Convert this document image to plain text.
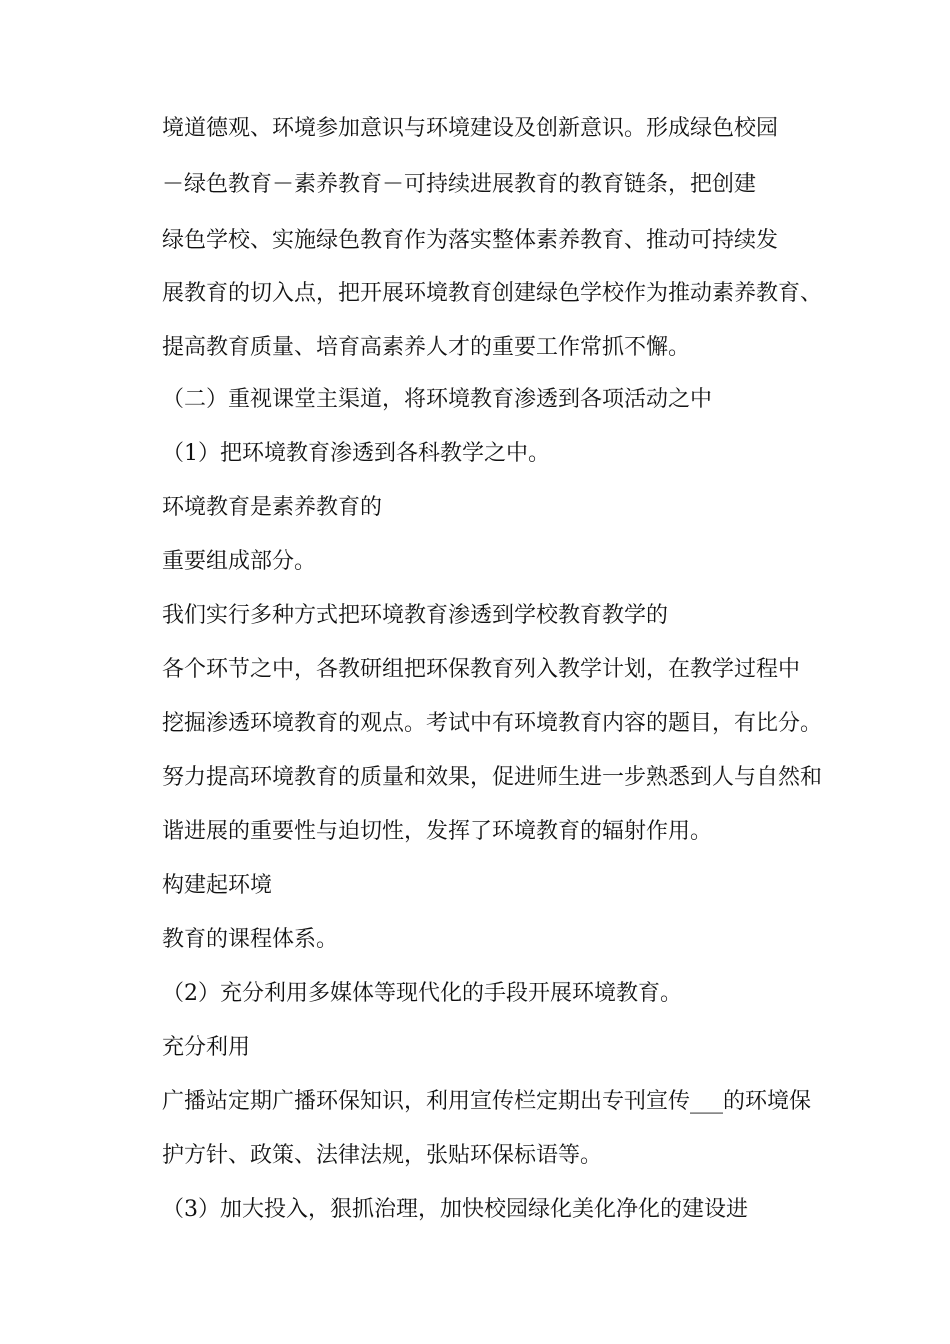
境道德观、环境参加意识与环境建设及创新意识。形成绿色校园
－绿色教育－素养教育－可持续进展教育的教育链条，把创建
绿色学校、实施绿色教育作为落实整体素养教育、推动可持续发
展教育的切入点，把开展环境教育创建绿色学校作为推动素养教育、
提高教育质量、培育高素养人才的重要工作常抓不懈。
（二）重视课堂主渠道，将环境教育渗透到各项活动之中
（1）把环境教育渗透到各科教学之中。
环境教育是素养教育的
重要组成部分。
我们实行多种方式把环境教育渗透到学校教育教学的
各个环节之中，各教研组把环保教育列入教学计划，在教学过程中
挖掘渗透环境教育的观点。考试中有环境教育内容的题目，有比分。
努力提高环境教育的质量和效果，促进师生进一步熟悉到人与自然和
谐进展的重要性与迫切性，发挥了环境教育的辐射作用。
构建起环境
教育的课程体系。
（2）充分利用多媒体等现代化的手段开展环境教育。
充分利用
广播站定期广播环保知识，利用宣传栏定期出专刊宣传___的环境保
护方针、政策、法律法规，张贴环保标语等。
（3）加大投入，狠抓治理，加快校园绿化美化净化的建设进
